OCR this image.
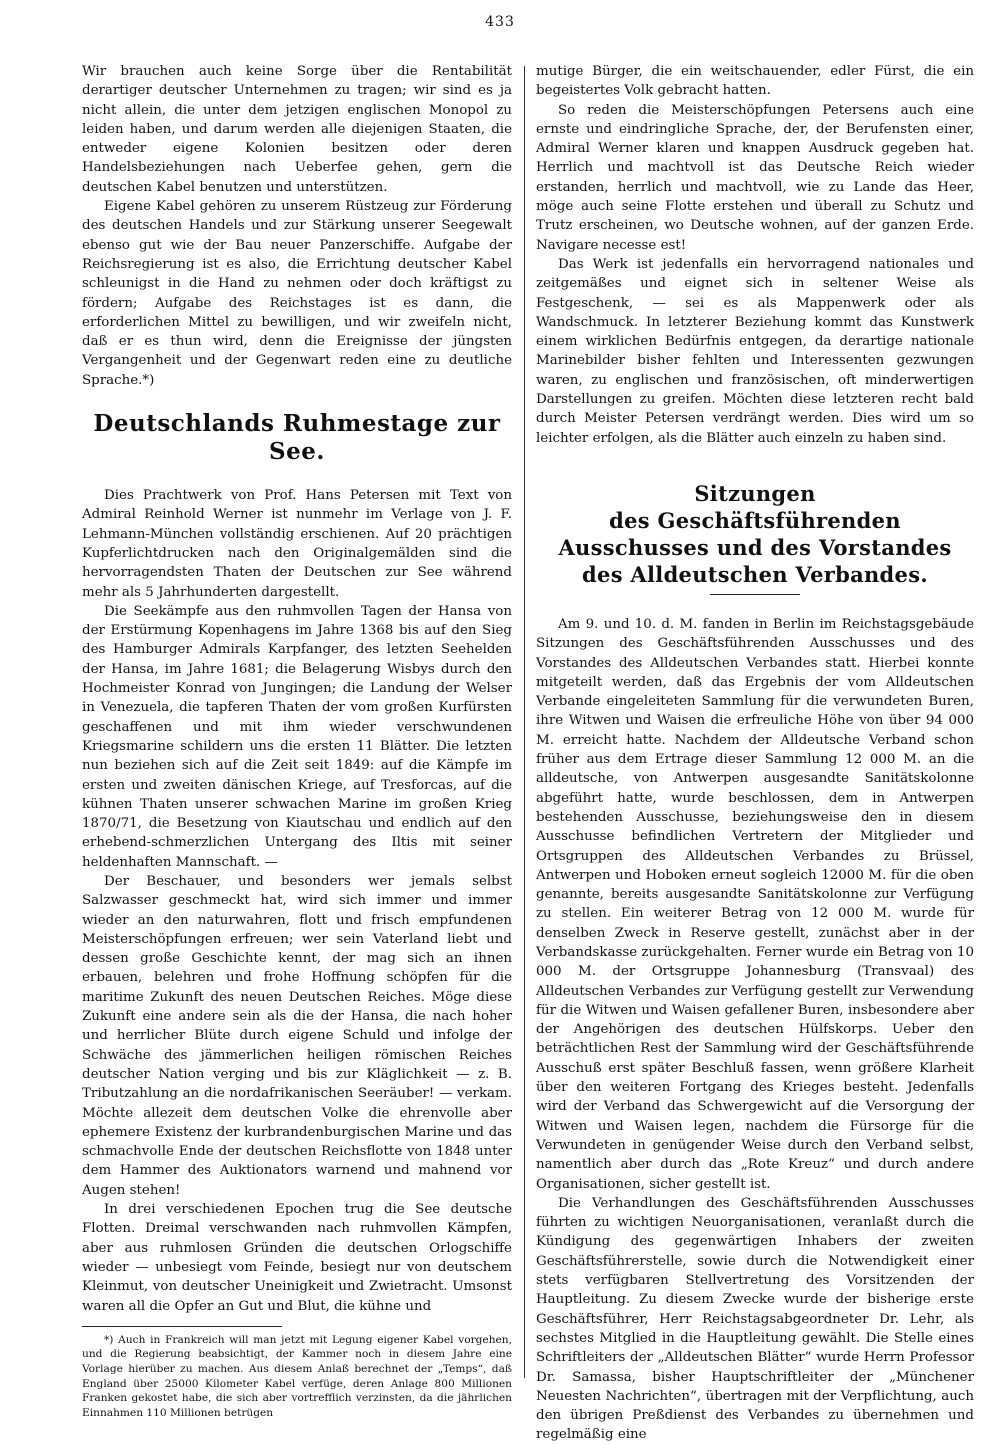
433

Wir brauchen auch keine Sorge über die Rentabilität derartiger deutscher Unternehmen zu tragen; wir sind es ja nicht allein, die unter dem jetzigen englischen Monopol zu leiden haben, und darum werden alle diejenigen Staaten, die entweder eigene Kolonien besitzen oder deren Handelsbeziehungen nach Ueberfee gehen, gern die deutschen Kabel benutzen und unterstützen.

Eigene Kabel gehören zu unserem Rüstzeug zur Förderung des deutschen Handels und zur Stärkung unserer Seegewalt ebenso gut wie der Bau neuer Panzerschiffe. Aufgabe der Reichsregierung ist es also, die Errichtung deutscher Kabel schleunigst in die Hand zu nehmen oder doch kräftigst zu fördern; Aufgabe des Reichstages ist es dann, die erforderlichen Mittel zu bewilligen, und wir zweifeln nicht, daß er es thun wird, denn die Ereignisse der jüngsten Vergangenheit und der Gegenwart reden eine zu deutliche Sprache.*)

Deutschlands Ruhmestage zur See.

Dies Prachtwerk von Prof. Hans Petersen mit Text von Admiral Reinhold Werner ist nunmehr im Verlage von J. F. Lehmann-München vollständig erschienen. Auf 20 prächtigen Kupferlichtdrucken nach den Originalgemälden sind die hervorragendsten Thaten der Deutschen zur See während mehr als 5 Jahrhunderten dargestellt.

Die Seekämpfe aus den ruhmvollen Tagen der Hansa von der Erstürmung Kopenhagens im Jahre 1368 bis auf den Sieg des Hamburger Admirals Karpfanger, des letzten Seehelden der Hansa, im Jahre 1681; die Belagerung Wisbys durch den Hochmeister Konrad von Jungingen; die Landung der Welser in Venezuela, die tapferen Thaten der vom großen Kurfürsten geschaffenen und mit ihm wieder verschwundenen Kriegsmarine schildern uns die ersten 11 Blätter. Die letzten nun beziehen sich auf die Zeit seit 1849: auf die Kämpfe im ersten und zweiten dänischen Kriege, auf Tresforcas, auf die kühnen Thaten unserer schwachen Marine im großen Krieg 1870/71, die Besetzung von Kiautschau und endlich auf den erhebend-schmerzlichen Untergang des Iltis mit seiner heldenhaften Mannschaft. —

Der Beschauer, und besonders wer jemals selbst Salzwasser geschmeckt hat, wird sich immer und immer wieder an den naturwahren, flott und frisch empfundenen Meisterschöpfungen erfreuen; wer sein Vaterland liebt und dessen große Geschichte kennt, der mag sich an ihnen erbauen, belehren und frohe Hoffnung schöpfen für die maritime Zukunft des neuen Deutschen Reiches. Möge diese Zukunft eine andere sein als die der Hansa, die nach hoher und herrlicher Blüte durch eigene Schuld und infolge der Schwäche des jämmerlichen heiligen römischen Reiches deutscher Nation verging und bis zur Kläglichkeit — z. B. Tributzahlung an die nordafrikanischen Seeräuber! — verkam. Möchte allezeit dem deutschen Volke die ehrenvolle aber ephemere Existenz der kurbrandenburgischen Marine und das schmachvolle Ende der deutschen Reichsflotte von 1848 unter dem Hammer des Auktionators warnend und mahnend vor Augen stehen!

In drei verschiedenen Epochen trug die See deutsche Flotten. Dreimal verschwanden nach ruhmvollen Kämpfen, aber aus ruhmlosen Gründen die deutschen Orlogschiffe wieder — unbesiegt vom Feinde, besiegt nur von deutschem Kleinmut, von deutscher Uneinigkeit und Zwietracht. Umsonst waren all die Opfer an Gut und Blut, die kühne und

*) Auch in Frankreich will man jetzt mit Legung eigener Kabel vorgehen, und die Regierung beabsichtigt, der Kammer noch in diesem Jahre eine Vorlage hierüber zu machen. Aus diesem Anlaß berechnet der „Temps“, daß England über 25000 Kilometer Kabel verfüge, deren Anlage 800 Millionen Franken gekostet habe, die sich aber vortrefflich verzinsten, da die jährlichen Einnahmen 110 Millionen betrügen

mutige Bürger, die ein weitschauender, edler Fürst, die ein begeistertes Volk gebracht hatten.

So reden die Meisterschöpfungen Petersens auch eine ernste und eindringliche Sprache, der, der Berufensten einer, Admiral Werner klaren und knappen Ausdruck gegeben hat. Herrlich und machtvoll ist das Deutsche Reich wieder erstanden, herrlich und machtvoll, wie zu Lande das Heer, möge auch seine Flotte erstehen und überall zu Schutz und Trutz erscheinen, wo Deutsche wohnen, auf der ganzen Erde. Navigare necesse est!

Das Werk ist jedenfalls ein hervorragend nationales und zeitgemäßes und eignet sich in seltener Weise als Festgeschenk, — sei es als Mappenwerk oder als Wandschmuck. In letzterer Beziehung kommt das Kunstwerk einem wirklichen Bedürfnis entgegen, da derartige nationale Marinebilder bisher fehlten und Interessenten gezwungen waren, zu englischen und französischen, oft minderwertigen Darstellungen zu greifen. Möchten diese letzteren recht bald durch Meister Petersen verdrängt werden. Dies wird um so leichter erfolgen, als die Blätter auch einzeln zu haben sind.

Sitzungen
des Geschäftsführenden Ausschusses und des Vorstandes des Alldeutschen Verbandes.

Am 9. und 10. d. M. fanden in Berlin im Reichstagsgebäude Sitzungen des Geschäftsführenden Ausschusses und des Vorstandes des Alldeutschen Verbandes statt. Hierbei konnte mitgeteilt werden, daß das Ergebnis der vom Alldeutschen Verbande eingeleiteten Sammlung für die verwundeten Buren, ihre Witwen und Waisen die erfreuliche Höhe von über 94 000 M. erreicht hatte. Nachdem der Alldeutsche Verband schon früher aus dem Ertrage dieser Sammlung 12 000 M. an die alldeutsche, von Antwerpen ausgesandte Sanitätskolonne abgeführt hatte, wurde beschlossen, dem in Antwerpen bestehenden Ausschusse, beziehungsweise den in diesem Ausschusse befindlichen Vertretern der Mitglieder und Ortsgruppen des Alldeutschen Verbandes zu Brüssel, Antwerpen und Hoboken erneut sogleich 12000 M. für die oben genannte, bereits ausgesandte Sanitätskolonne zur Verfügung zu stellen. Ein weiterer Betrag von 12 000 M. wurde für denselben Zweck in Reserve gestellt, zunächst aber in der Verbandskasse zurückgehalten. Ferner wurde ein Betrag von 10 000 M. der Ortsgruppe Johannesburg (Transvaal) des Alldeutschen Verbandes zur Verfügung gestellt zur Verwendung für die Witwen und Waisen gefallener Buren, insbesondere aber der Angehörigen des deutschen Hülfskorps. Ueber den beträchtlichen Rest der Sammlung wird der Geschäftsführende Ausschuß erst später Beschluß fassen, wenn größere Klarheit über den weiteren Fortgang des Krieges besteht. Jedenfalls wird der Verband das Schwergewicht auf die Versorgung der Witwen und Waisen legen, nachdem die Fürsorge für die Verwundeten in genügender Weise durch den Verband selbst, namentlich aber durch das „Rote Kreuz“ und durch andere Organisationen, sicher gestellt ist.

Die Verhandlungen des Geschäftsführenden Ausschusses führten zu wichtigen Neuorganisationen, veranlaßt durch die Kündigung des gegenwärtigen Inhabers der zweiten Geschäftsführerstelle, sowie durch die Notwendigkeit einer stets verfügbaren Stellvertretung des Vorsitzenden der Hauptleitung. Zu diesem Zwecke wurde der bisherige erste Geschäftsführer, Herr Reichstagsabgeordneter Dr. Lehr, als sechstes Mitglied in die Hauptleitung gewählt. Die Stelle eines Schriftleiters der „Alldeutschen Blätter“ wurde Herrn Professor Dr. Samassa, bisher Hauptschriftleiter der „Münchener Neuesten Nachrichten“, übertragen mit der Verpflichtung, auch den übrigen Preßdienst des Verbandes zu übernehmen und regelmäßig eine
